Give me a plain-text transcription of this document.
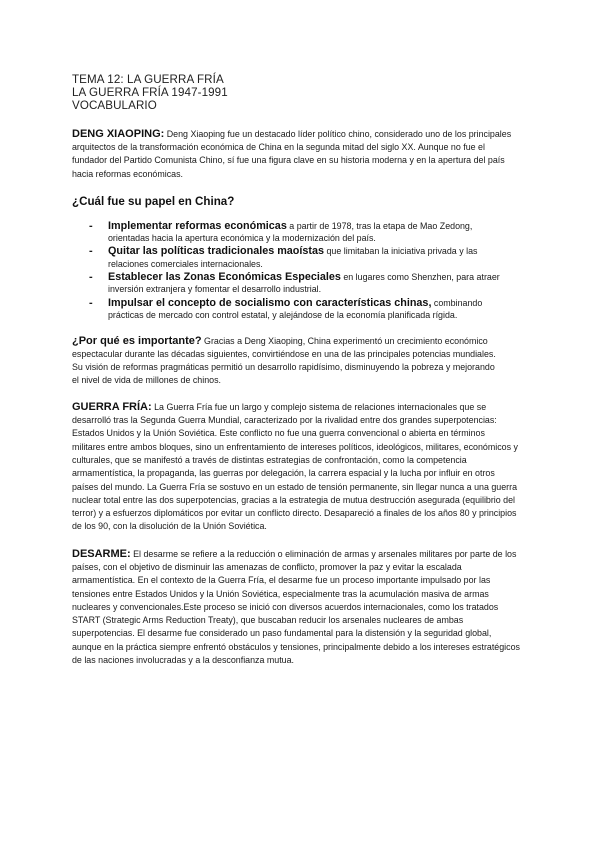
TEMA 12: LA GUERRA FRÍA
LA GUERRA FRÍA 1947-1991
VOCABULARIO

DENG XIAOPING: Deng Xiaoping fue un destacado líder político chino, considerado uno de los principales arquitectos de la transformación económica de China en la segunda mitad del siglo XX. Aunque no fue el fundador del Partido Comunista Chino, sí fue una figura clave en su historia moderna y en la apertura del país hacia reformas económicas.

¿Cuál fue su papel en China?
- Implementar reformas económicas a partir de 1978, tras la etapa de Mao Zedong, orientadas hacia la apertura económica y la modernización del país.
- Quitar las políticas tradicionales maoístas que limitaban la iniciativa privada y las relaciones comerciales internacionales.
- Establecer las Zonas Económicas Especiales en lugares como Shenzhen, para atraer inversión extranjera y fomentar el desarrollo industrial.
- Impulsar el concepto de socialismo con características chinas, combinando prácticas de mercado con control estatal, y alejándose de la economía planificada rígida.

¿Por qué es importante? Gracias a Deng Xiaoping, China experimentó un crecimiento económico espectacular durante las décadas siguientes, convirtiéndose en una de las principales potencias mundiales. Su visión de reformas pragmáticas permitió un desarrollo rapidísimo, disminuyendo la pobreza y mejorando el nivel de vida de millones de chinos.

GUERRA FRÍA: La Guerra Fría fue un largo y complejo sistema de relaciones internacionales que se desarrolló tras la Segunda Guerra Mundial, caracterizado por la rivalidad entre dos grandes superpotencias: Estados Unidos y la Unión Soviética. Este conflicto no fue una guerra convencional o abierta en términos militares entre ambos bloques, sino un enfrentamiento de intereses políticos, ideológicos, militares, económicos y culturales, que se manifestó a través de distintas estrategias de confrontación, como la competencia armamentística, la propaganda, las guerras por delegación, la carrera espacial y la lucha por influir en otros países del mundo. La Guerra Fría se sostuvo en un estado de tensión permanente, sin llegar nunca a una guerra nuclear total entre las dos superpotencias, gracias a la estrategia de mutua destrucción asegurada (equilibrio del terror) y a esfuerzos diplomáticos por evitar un conflicto directo. Desapareció a finales de los años 80 y principios de los 90, con la disolución de la Unión Soviética.

DESARME: El desarme se refiere a la reducción o eliminación de armas y arsenales militares por parte de los países, con el objetivo de disminuir las amenazas de conflicto, promover la paz y evitar la escalada armamentística. En el contexto de la Guerra Fría, el desarme fue un proceso importante impulsado por las tensiones entre Estados Unidos y la Unión Soviética, especialmente tras la acumulación masiva de armas nucleares y convencionales.Este proceso se inició con diversos acuerdos internacionales, como los tratados START (Strategic Arms Reduction Treaty), que buscaban reducir los arsenales nucleares de ambas superpotencias. El desarme fue considerado un paso fundamental para la distensión y la seguridad global, aunque en la práctica siempre enfrentó obstáculos y tensiones, principalmente debido a los intereses estratégicos de las naciones involucradas y a la desconfianza mutua.
